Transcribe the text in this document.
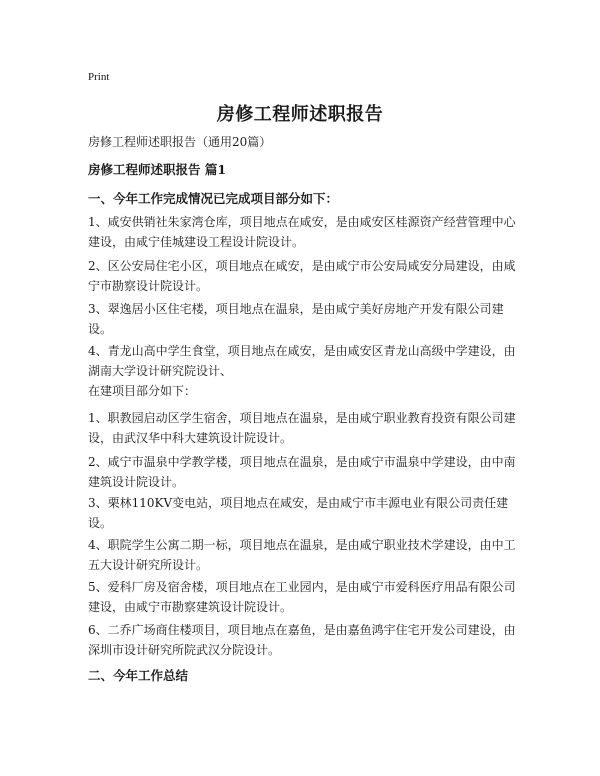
Print
房修工程师述职报告
房修工程师述职报告（通用20篇）
房修工程师述职报告 篇1
一、今年工作完成情况已完成项目部分如下：
1、咸安供销社朱家湾仓库，项目地点在咸安，是由咸安区桂源资产经营管理中心建设，由咸宁佳城建设工程设计院设计。
2、区公安局住宅小区，项目地点在咸安，是由咸宁市公安局咸安分局建设，由咸宁市勘察设计院设计。
3、翠逸居小区住宅楼，项目地点在温泉，是由咸宁美好房地产开发有限公司建设。
4、青龙山高中学生食堂，项目地点在咸安，是由咸安区青龙山高级中学建设，由湖南大学设计研究院设计、
在建项目部分如下：
1、职教园启动区学生宿舍，项目地点在温泉，是由咸宁职业教育投资有限公司建设，由武汉华中科大建筑设计院设计。
2、咸宁市温泉中学教学楼，项目地点在温泉，是由咸宁市温泉中学建设，由中南建筑设计院设计。
3、栗林110KV变电站，项目地点在咸安，是由咸宁市丰源电业有限公司责任建设。
4、职院学生公寓二期一标，项目地点在温泉，是由咸宁职业技术学建设，由中工五大设计研究所设计。
5、爱科厂房及宿舍楼，项目地点在工业园内，是由咸宁市爱科医疗用品有限公司建设，由咸宁市勘察建筑设计院设计。
6、二乔广场商住楼项目，项目地点在嘉鱼，是由嘉鱼鸿宇住宅开发公司建设，由深圳市设计研究所院武汉分院设计。
二、今年工作总结
